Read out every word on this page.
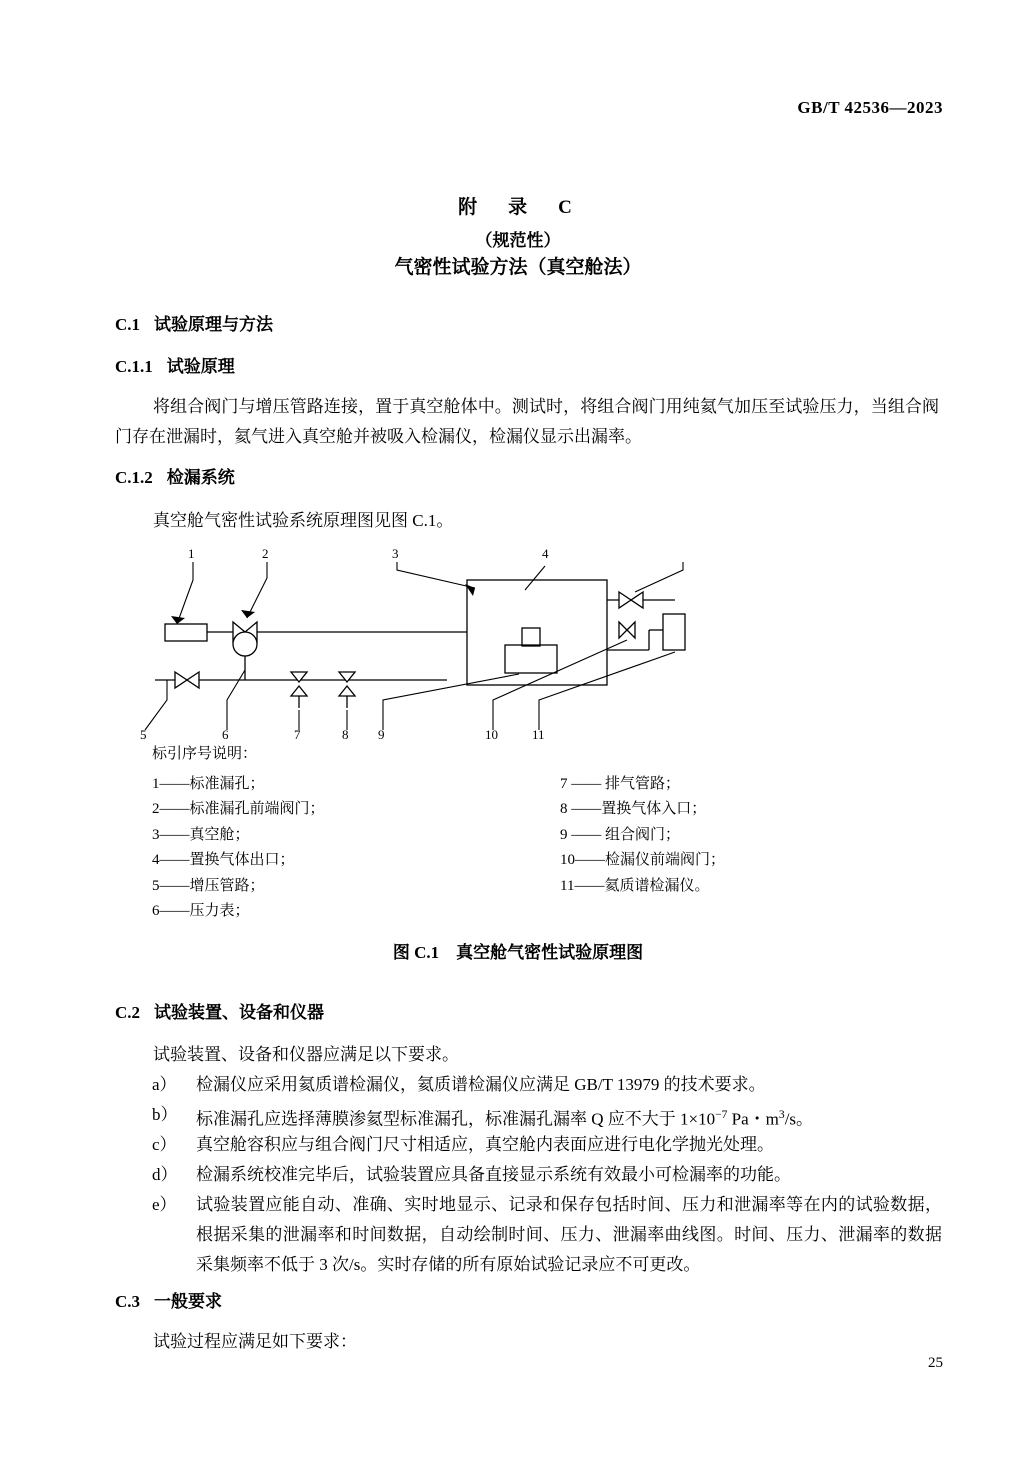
GB/T 42536—2023
附　录　C
（规范性）
气密性试验方法（真空舱法）
C.1 试验原理与方法
C.1.1 试验原理
将组合阀门与增压管路连接，置于真空舱体中。测试时，将组合阀门用纯氦气加压至试验压力，当组合阀门存在泄漏时，氦气进入真空舱并被吸入检漏仪，检漏仪显示出漏率。
C.1.2 检漏系统
真空舱气密性试验系统原理图见图 C.1。
1	2	3	4
5	6	7	8 9	10	11
标引序号说明：
1——标准漏孔；
2——标准漏孔前端阀门；
3——真空舱；
4——置换气体出口；
5——增压管路；
6——压力表；
7 —— 排气管路；
8 ——置换气体入口；
9 —— 组合阀门；
10——检漏仪前端阀门；
11——氦质谱检漏仪。
图 C.1　真空舱气密性试验原理图
C.2 试验装置、设备和仪器
试验装置、设备和仪器应满足以下要求。
a）	检漏仪应采用氦质谱检漏仪，氦质谱检漏仪应满足 GB/T 13979 的技术要求。
b）	标准漏孔应选择薄膜渗氦型标准漏孔，标准漏孔漏率 Q 应不大于 $1\times 10^{-7}$ Pa・$m^3/s$。
c）	真空舱容积应与组合阀门尺寸相适应，真空舱内表面应进行电化学抛光处理。
d）	检漏系统校准完毕后，试验装置应具备直接显示系统有效最小可检漏率的功能。
e）	试验装置应能自动、准确、实时地显示、记录和保存包括时间、压力和泄漏率等在内的试验数据，根据采集的泄漏率和时间数据，自动绘制时间、压力、泄漏率曲线图。时间、压力、泄漏率的数据采集频率不低于 3 次/s。实时存储的所有原始试验记录应不可更改。
C.3 一般要求
试验过程应满足如下要求：
25
